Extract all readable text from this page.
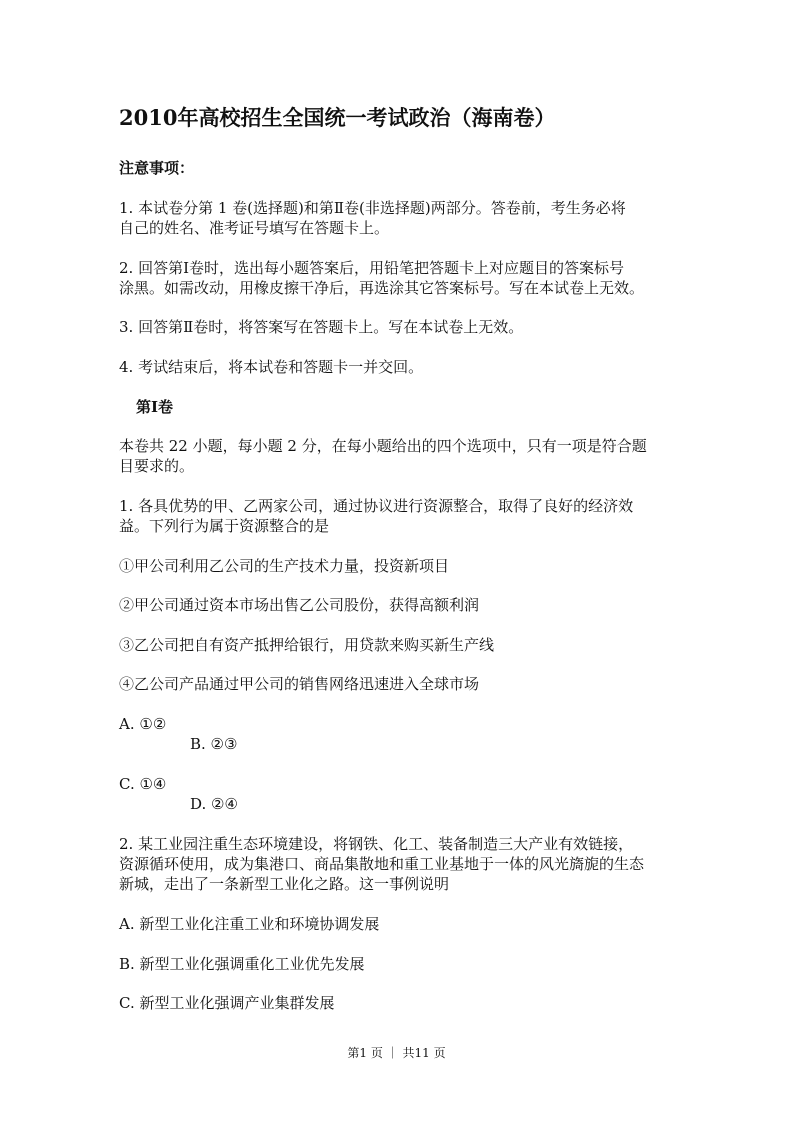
2010年高校招生全国统一考试政治（海南卷）
注意事项：
1. 本试卷分第 1 卷(选择题)和第Ⅱ卷(非选择题)两部分。答卷前，考生务必将
自己的姓名、准考证号填写在答题卡上。
2. 回答第Ⅰ卷时，选出每小题答案后，用铅笔把答题卡上对应题目的答案标号
涂黑。如需改动，用橡皮擦干净后，再选涂其它答案标号。写在本试卷上无效。
3. 回答第Ⅱ卷时，将答案写在答题卡上。写在本试卷上无效。
4. 考试结束后，将本试卷和答题卡一并交回。
第Ⅰ卷
本卷共 22 小题，每小题 2 分，在每小题给出的四个选项中，只有一项是符合题
目要求的。
1. 各具优势的甲、乙两家公司，通过协议进行资源整合，取得了良好的经济效
益。下列行为属于资源整合的是
①甲公司利用乙公司的生产技术力量，投资新项目
②甲公司通过资本市场出售乙公司股份，获得高额利润
③乙公司把自有资产抵押给银行，用贷款来购买新生产线
④乙公司产品通过甲公司的销售网络迅速进入全球市场
A. ①②
B. ②③
C. ①④
D. ②④
2. 某工业园注重生态环境建设，将钢铁、化工、装备制造三大产业有效链接，
资源循环使用，成为集港口、商品集散地和重工业基地于一体的风光旖旎的生态
新城，走出了一条新型工业化之路。这一事例说明
A. 新型工业化注重工业和环境协调发展
B. 新型工业化强调重化工业优先发展
C. 新型工业化强调产业集群发展
第1 页 ｜ 共11 页
